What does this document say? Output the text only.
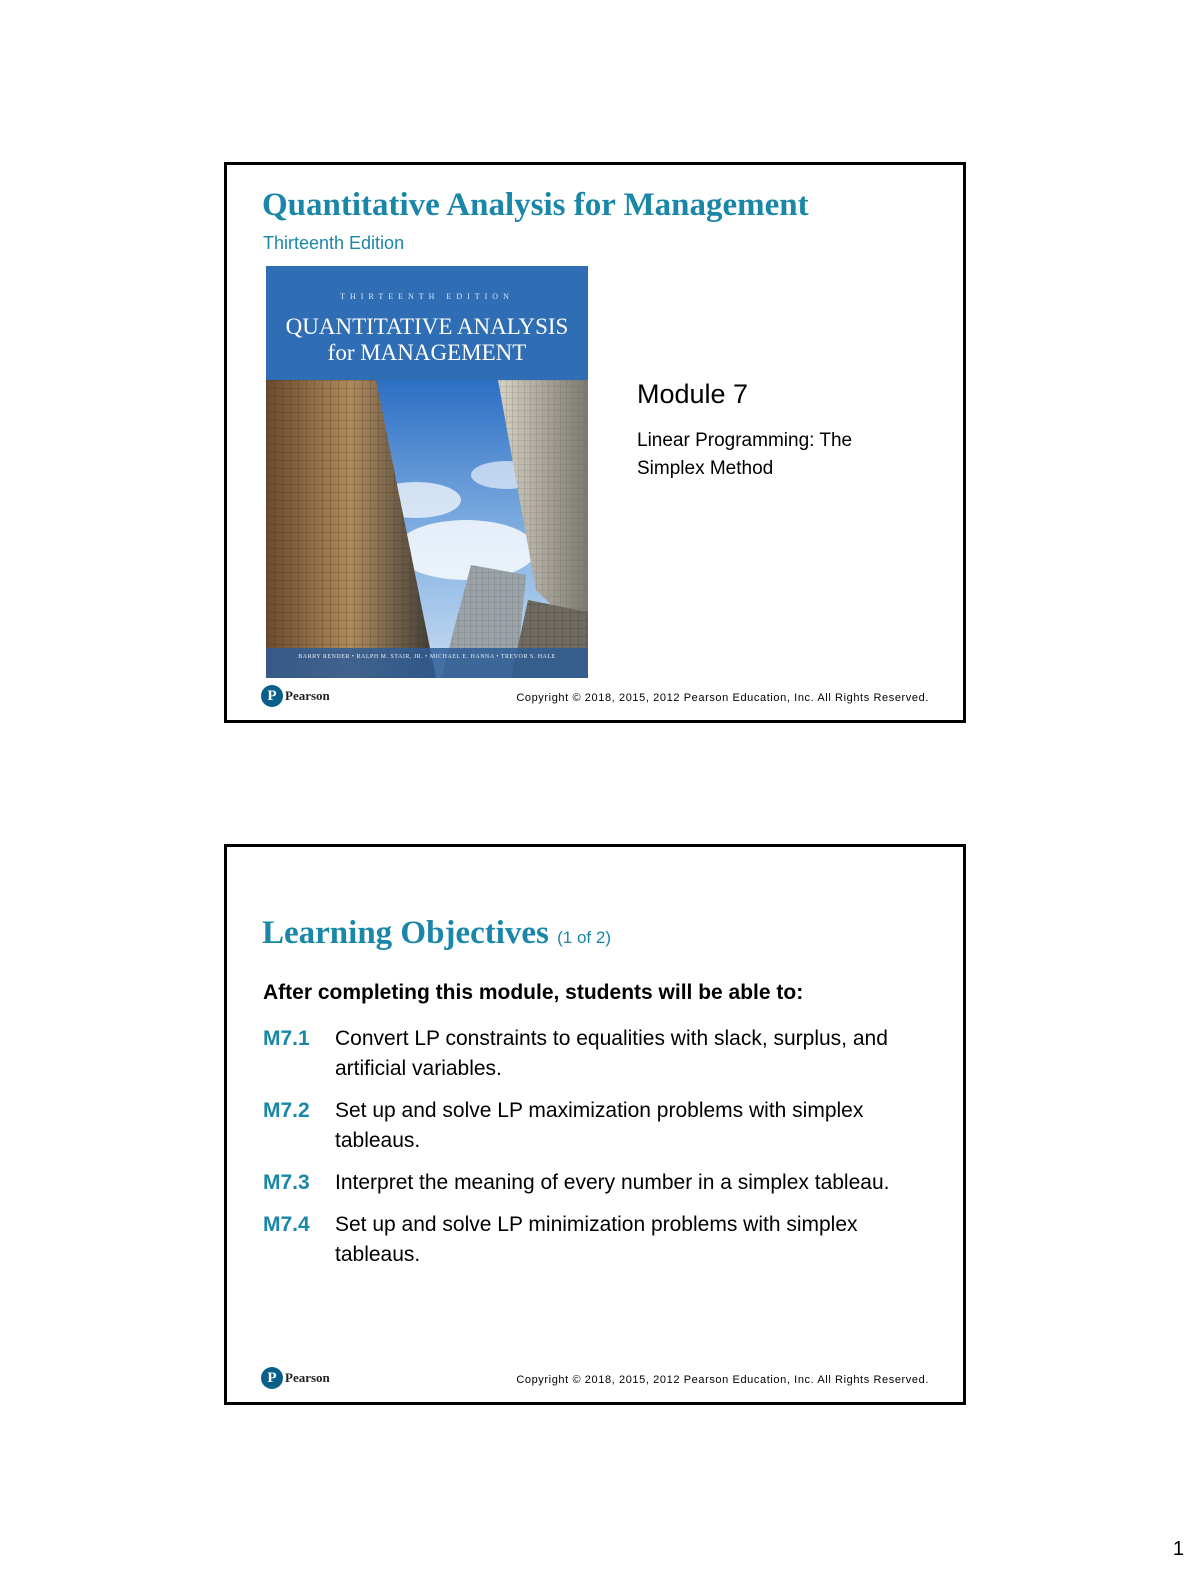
Quantitative Analysis for Management
Thirteenth Edition
THIRTEENTH EDITION
QUANTITATIVE ANALYSIS
for MANAGEMENT
BARRY RENDER • RALPH M. STAIR, JR. • MICHAEL E. HANNA • TREVOR S. HALE
Module 7
Linear Programming: The
Simplex Method
P Pearson	Copyright © 2018, 2015, 2012 Pearson Education, Inc. All Rights Reserved.
Learning Objectives (1 of 2)
After completing this module, students will be able to:
M7.1	Convert LP constraints to equalities with slack, surplus, and artificial variables.
M7.2	Set up and solve LP maximization problems with simplex tableaus.
M7.3	Interpret the meaning of every number in a simplex tableau.
M7.4	Set up and solve LP minimization problems with simplex tableaus.
P Pearson	Copyright © 2018, 2015, 2012 Pearson Education, Inc. All Rights Reserved.
1
